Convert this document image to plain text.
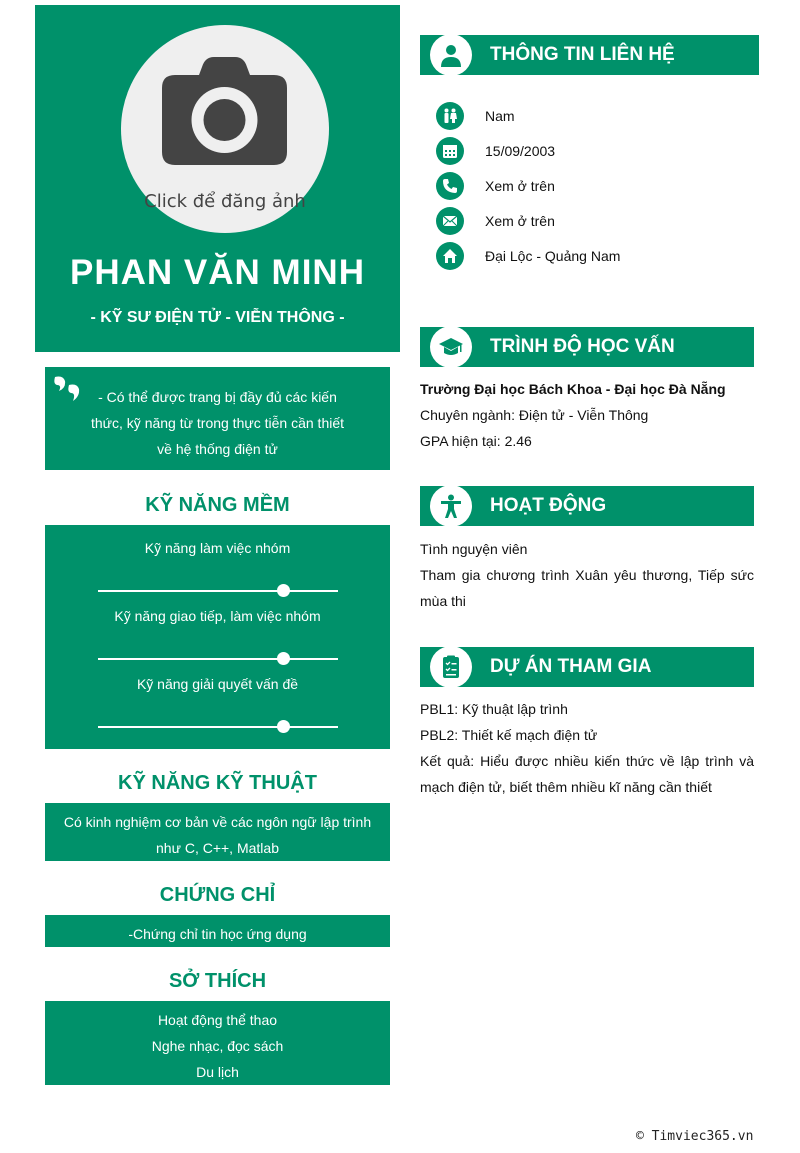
Click để đăng ảnh
PHAN VĂN MINH
- KỸ SƯ ĐIỆN TỬ - VIỄN THÔNG -
- Có thể được trang bị đầy đủ các kiến thức, kỹ năng từ trong thực tiễn cần thiết về hệ thống điện tử
KỸ NĂNG MỀM
Kỹ năng làm việc nhóm
Kỹ năng giao tiếp, làm việc nhóm
Kỹ năng giải quyết vấn đề
KỸ NĂNG KỸ THUẬT
Có kinh nghiệm cơ bản về các ngôn ngữ lập trình như C, C++, Matlab
CHỨNG CHỈ
-Chứng chỉ tin học ứng dụng
SỞ THÍCH
Hoạt động thể thao
Nghe nhạc, đọc sách
Du lịch
THÔNG TIN LIÊN HỆ
Nam
15/09/2003
Xem ở trên
Xem ở trên
Đại Lộc - Quảng Nam
TRÌNH ĐỘ HỌC VẤN
Trường Đại học Bách Khoa - Đại học Đà Nẵng
Chuyên ngành: Điện tử - Viễn Thông
GPA hiện tại: 2.46
HOẠT ĐỘNG
Tình nguyện viên
Tham gia chương trình Xuân yêu thương, Tiếp sức mùa thi
DỰ ÁN THAM GIA
PBL1: Kỹ thuật lập trình
PBL2: Thiết kế mạch điện tử
Kết quả: Hiểu được nhiều kiến thức về lập trình và mạch điện tử, biết thêm nhiều kĩ năng cần thiết
© Timviec365.vn
